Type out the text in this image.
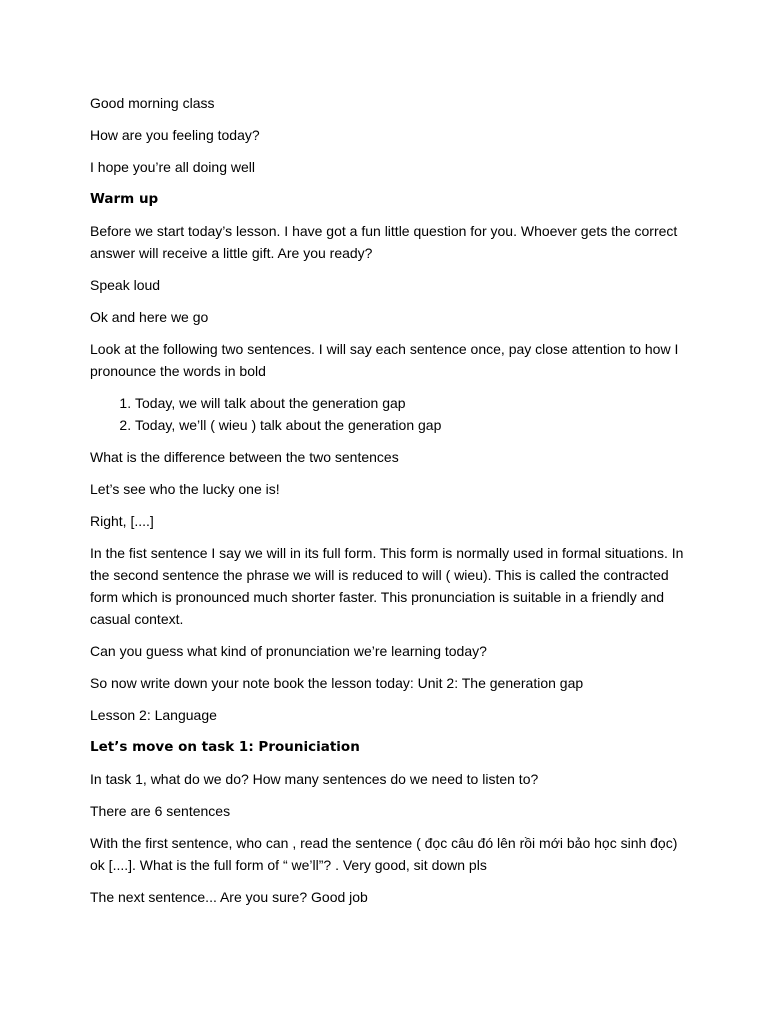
Good morning class

How are you feeling today?

I hope you’re all doing well

Warm up

Before we start today’s lesson. I have got a fun little question for you. Whoever gets the correct answer will receive a little gift. Are you ready?

Speak loud

Ok and here we go

Look at the following two sentences. I will say each sentence once, pay close attention to how I pronounce the words in bold

1. Today, we will talk about the generation gap
2. Today, we’ll ( wieu ) talk about the generation gap

What is the difference between the two sentences

Let’s see who the lucky one is!

Right, [....]

In the fist sentence I say we will in its full form. This form is normally used in formal situations. In the second sentence the phrase we will is reduced to will ( wieu). This is called the contracted form which is pronounced much shorter faster. This pronunciation is suitable in a friendly and casual context.

Can you guess what kind of pronunciation we’re learning today?

So now write down your note book the lesson today: Unit 2: The generation gap

Lesson 2: Language

Let’s move on task 1: Prouniciation

In task 1, what do we do? How many sentences do we need to listen to?

There are 6 sentences

With the first sentence, who can , read the sentence ( đọc câu đó lên rồi mới bảo học sinh đọc) ok [....]. What is the full form of “ we’ll”? . Very good, sit down pls

The next sentence... Are you sure? Good job
